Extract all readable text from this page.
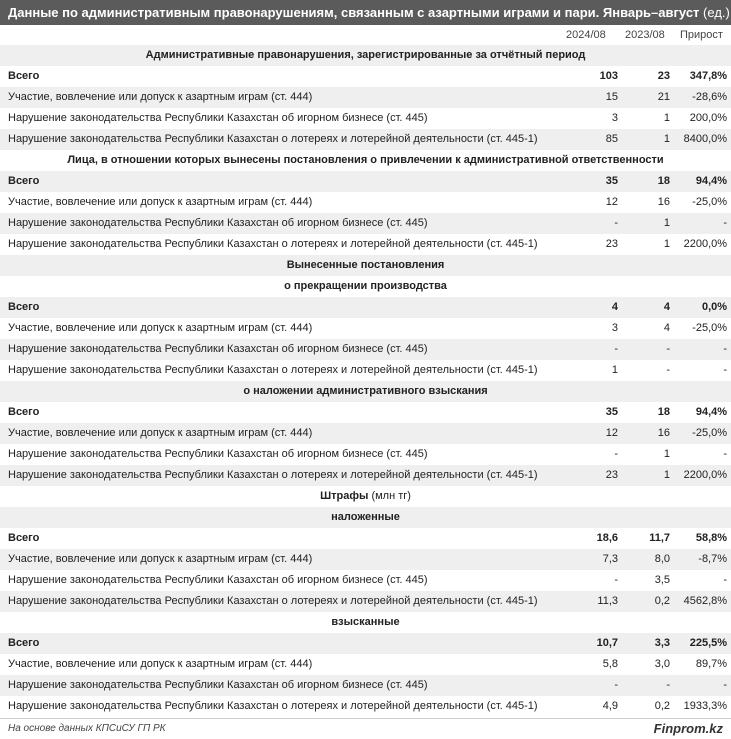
Данные по административным правонарушениям, связанным с азартными играми и пари. Январь–август (ед.)
2024/08 2023/08 Прирост
Административные правонарушения, зарегистрированные за отчётный период			
Всего	103	23	347,8%
Участие, вовлечение или допуск к азартным играм (ст. 444)	15	21	-28,6%
Нарушение законодательства Республики Казахстан об игорном бизнесе (ст. 445)	3	1	200,0%
Нарушение законодательства Республики Казахстан о лотереях и лотерейной деятельности (ст. 445-1)	85	1	8400,0%
Лица, в отношении которых вынесены постановления о привлечении к административной ответственности			
Всего	35	18	94,4%
Участие, вовлечение или допуск к азартным играм (ст. 444)	12	16	-25,0%
Нарушение законодательства Республики Казахстан об игорном бизнесе (ст. 445)	-	1	-
Нарушение законодательства Республики Казахстан о лотереях и лотерейной деятельности (ст. 445-1)	23	1	2200,0%
Вынесенные постановления			
о прекращении производства			
Всего	4	4	0,0%
Участие, вовлечение или допуск к азартным играм (ст. 444)	3	4	-25,0%
Нарушение законодательства Республики Казахстан об игорном бизнесе (ст. 445)	-	-	-
Нарушение законодательства Республики Казахстан о лотереях и лотерейной деятельности (ст. 445-1)	1	-	-
о наложении административного взыскания			
Всего	35	18	94,4%
Участие, вовлечение или допуск к азартным играм (ст. 444)	12	16	-25,0%
Нарушение законодательства Республики Казахстан об игорном бизнесе (ст. 445)	-	1	-
Нарушение законодательства Республики Казахстан о лотереях и лотерейной деятельности (ст. 445-1)	23	1	2200,0%
Штрафы (млн тг)			
наложенные			
Всего	18,6	11,7	58,8%
Участие, вовлечение или допуск к азартным играм (ст. 444)	7,3	8,0	-8,7%
Нарушение законодательства Республики Казахстан об игорном бизнесе (ст. 445)	-	3,5	-
Нарушение законодательства Республики Казахстан о лотереях и лотерейной деятельности (ст. 445-1)	11,3	0,2	4562,8%
взысканные			
Всего	10,7	3,3	225,5%
Участие, вовлечение или допуск к азартным играм (ст. 444)	5,8	3,0	89,7%
Нарушение законодательства Республики Казахстан об игорном бизнесе (ст. 445)	-	-	-
Нарушение законодательства Республики Казахстан о лотереях и лотерейной деятельности (ст. 445-1)	4,9	0,2	1933,3%
На основе данных КПСиСУ ГП РК	Finprom.kz
